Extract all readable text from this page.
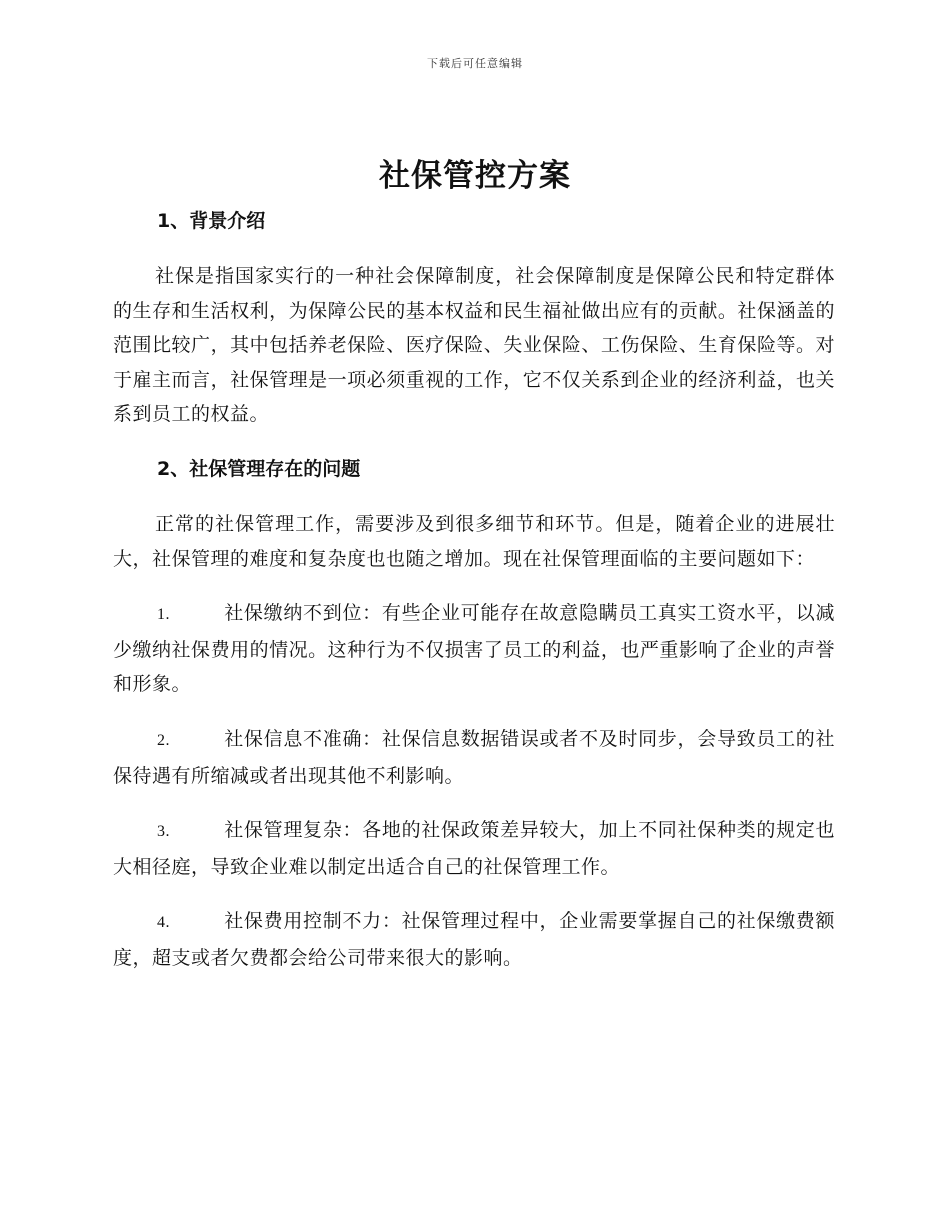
下载后可任意编辑
社保管控方案
1、背景介绍

社保是指国家实行的一种社会保障制度，社会保障制度是保障公民和特定群体的生存和生活权利，为保障公民的基本权益和民生福祉做出应有的贡献。社保涵盖的范围比较广，其中包括养老保险、医疗保险、失业保险、工伤保险、生育保险等。对于雇主而言，社保管理是一项必须重视的工作，它不仅关系到企业的经济利益，也关系到员工的权益。

2、社保管理存在的问题

正常的社保管理工作，需要涉及到很多细节和环节。但是，随着企业的进展壮大，社保管理的难度和复杂度也也随之增加。现在社保管理面临的主要问题如下：

1.	社保缴纳不到位：有些企业可能存在故意隐瞒员工真实工资水平，以减少缴纳社保费用的情况。这种行为不仅损害了员工的利益，也严重影响了企业的声誉和形象。

2.	社保信息不准确：社保信息数据错误或者不及时同步，会导致员工的社保待遇有所缩减或者出现其他不利影响。

3.	社保管理复杂：各地的社保政策差异较大，加上不同社保种类的规定也大相径庭，导致企业难以制定出适合自己的社保管理工作。

4.	社保费用控制不力：社保管理过程中，企业需要掌握自己的社保缴费额度，超支或者欠费都会给公司带来很大的影响。
